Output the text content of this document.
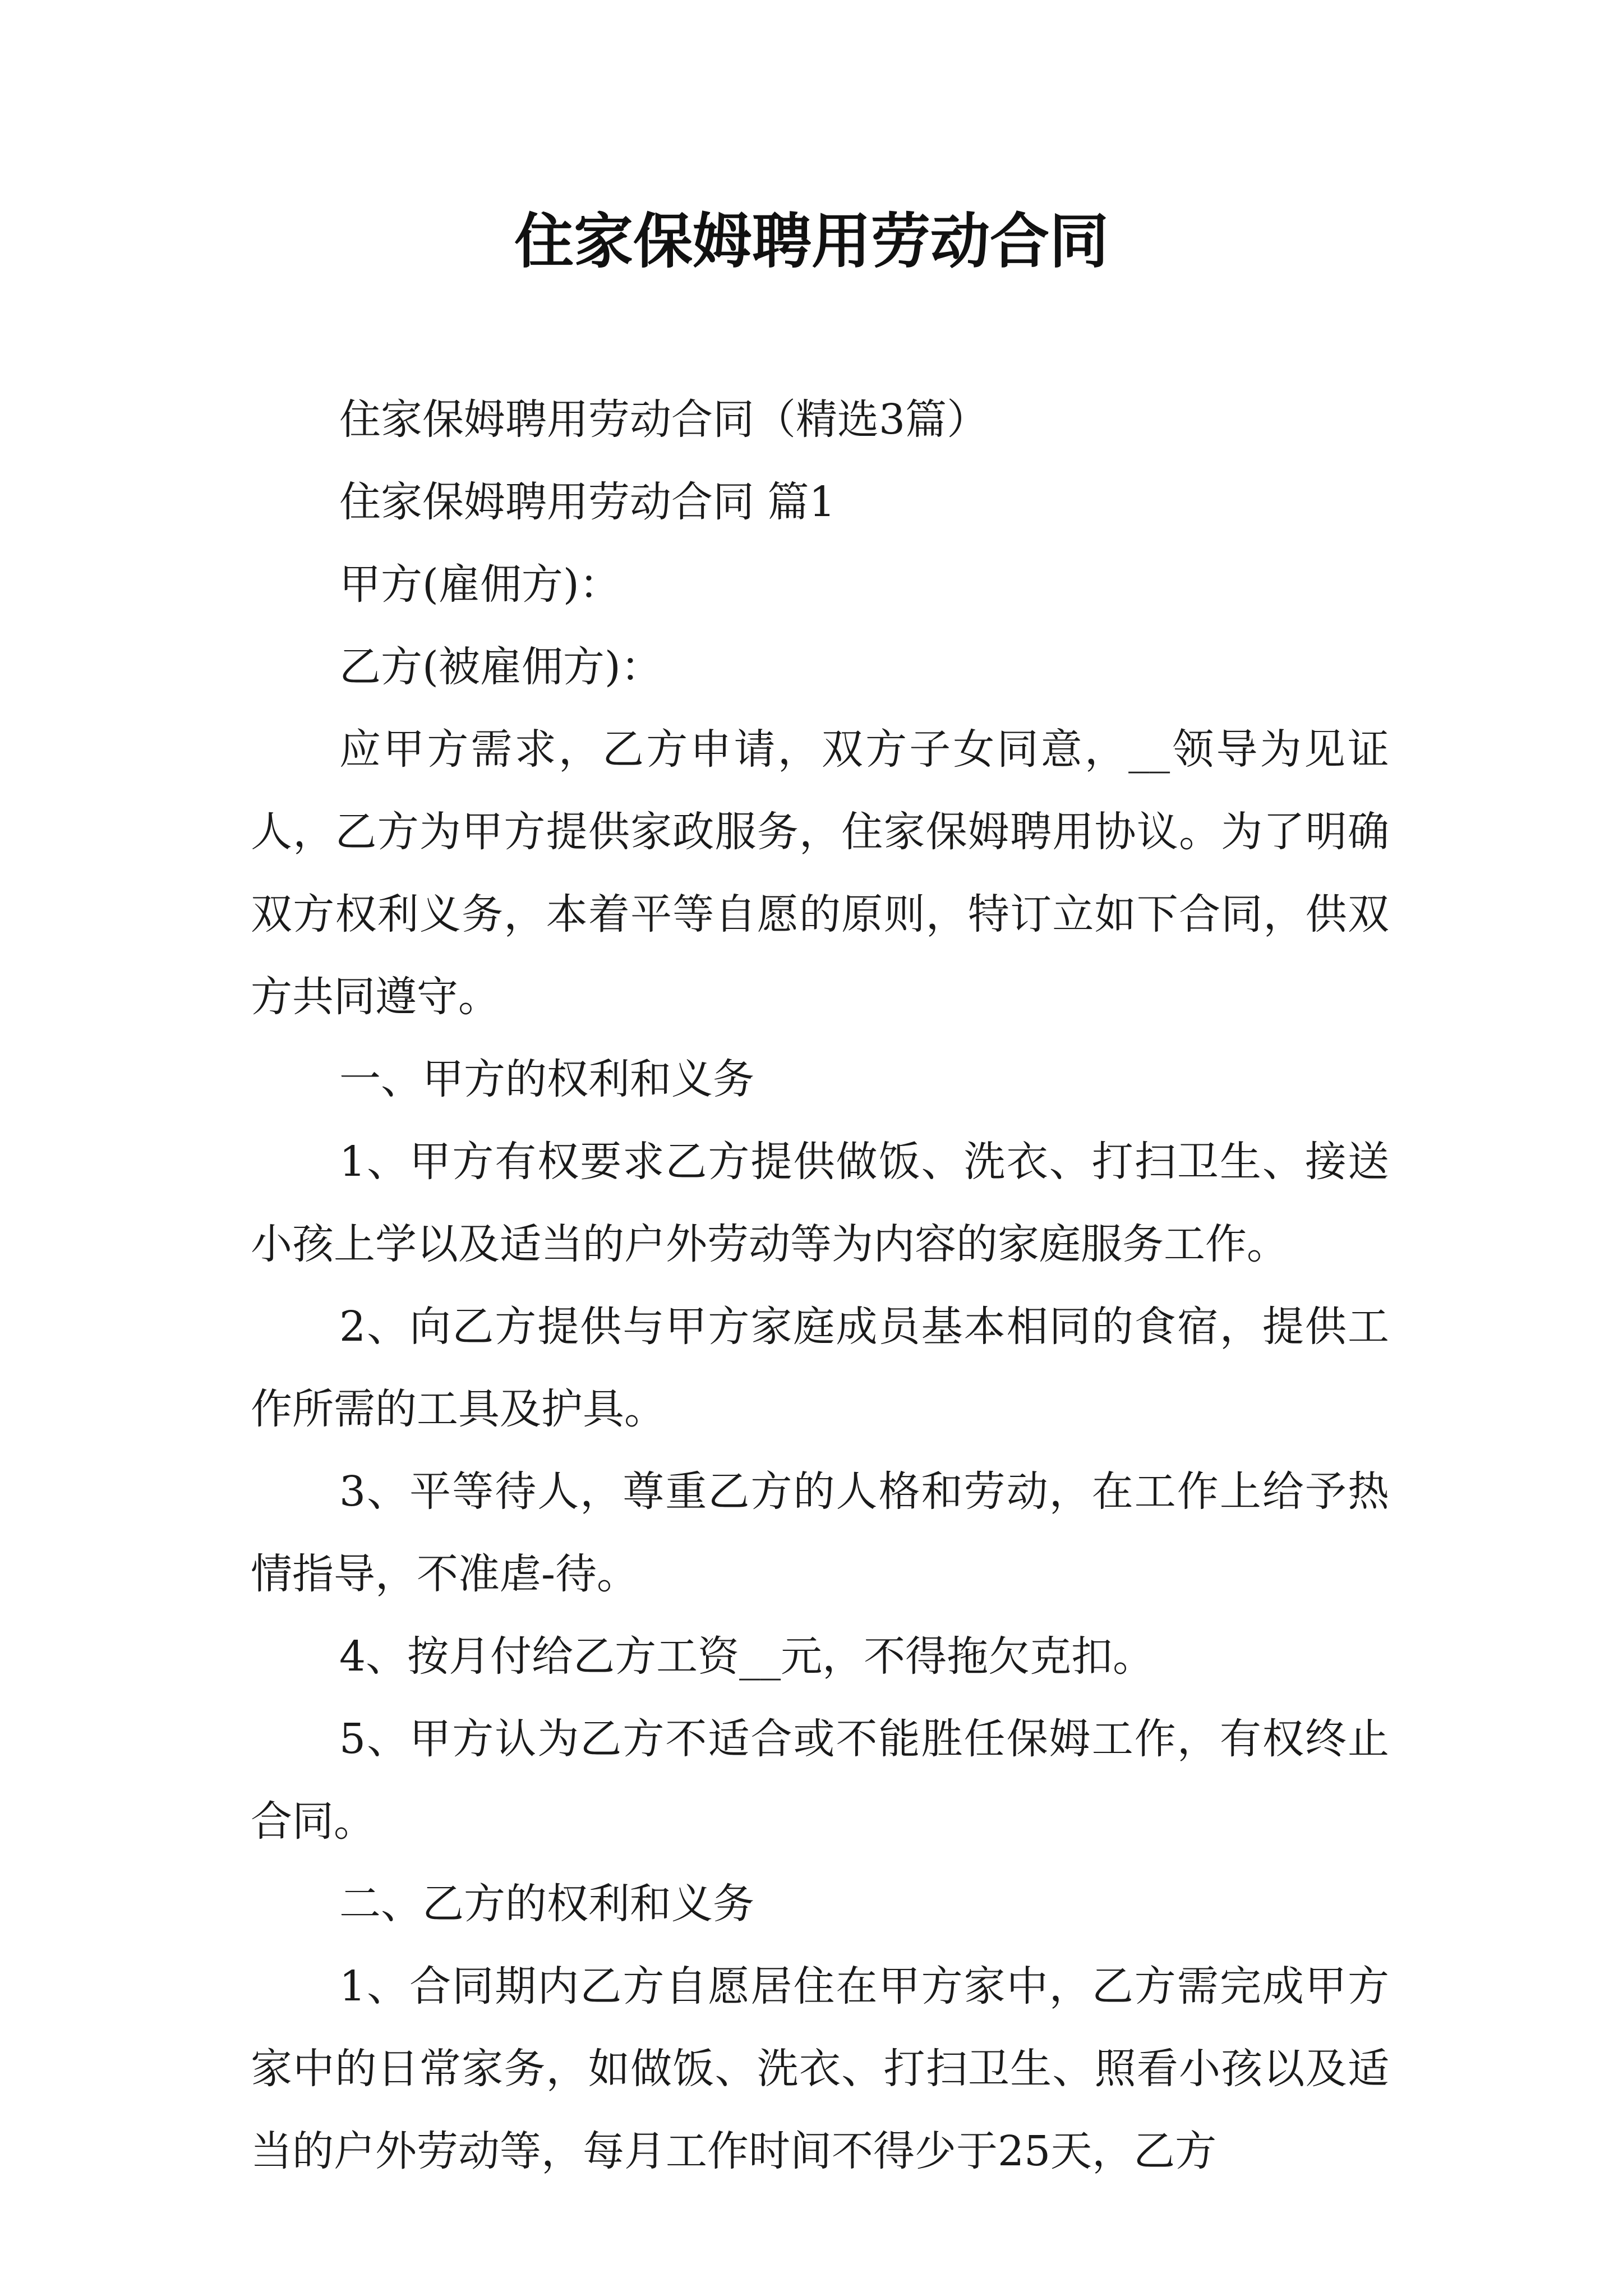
住家保姆聘用劳动合同

住家保姆聘用劳动合同（精选3篇）

住家保姆聘用劳动合同 篇1

甲方(雇佣方)：

乙方(被雇佣方)：

应甲方需求，乙方申请，双方子女同意，__领导为见证人，乙方为甲方提供家政服务，住家保姆聘用协议。为了明确双方权利义务，本着平等自愿的原则，特订立如下合同，供双方共同遵守。

一、甲方的权利和义务

1、甲方有权要求乙方提供做饭、洗衣、打扫卫生、接送小孩上学以及适当的户外劳动等为内容的家庭服务工作。

2、向乙方提供与甲方家庭成员基本相同的食宿，提供工作所需的工具及护具。

3、平等待人，尊重乙方的人格和劳动，在工作上给予热情指导，不准虐-待。

4、按月付给乙方工资__元，不得拖欠克扣。

5、甲方认为乙方不适合或不能胜任保姆工作，有权终止合同。

二、乙方的权利和义务

1、合同期内乙方自愿居住在甲方家中，乙方需完成甲方家中的日常家务，如做饭、洗衣、打扫卫生、照看小孩以及适当的户外劳动等，每月工作时间不得少于25天，乙方
